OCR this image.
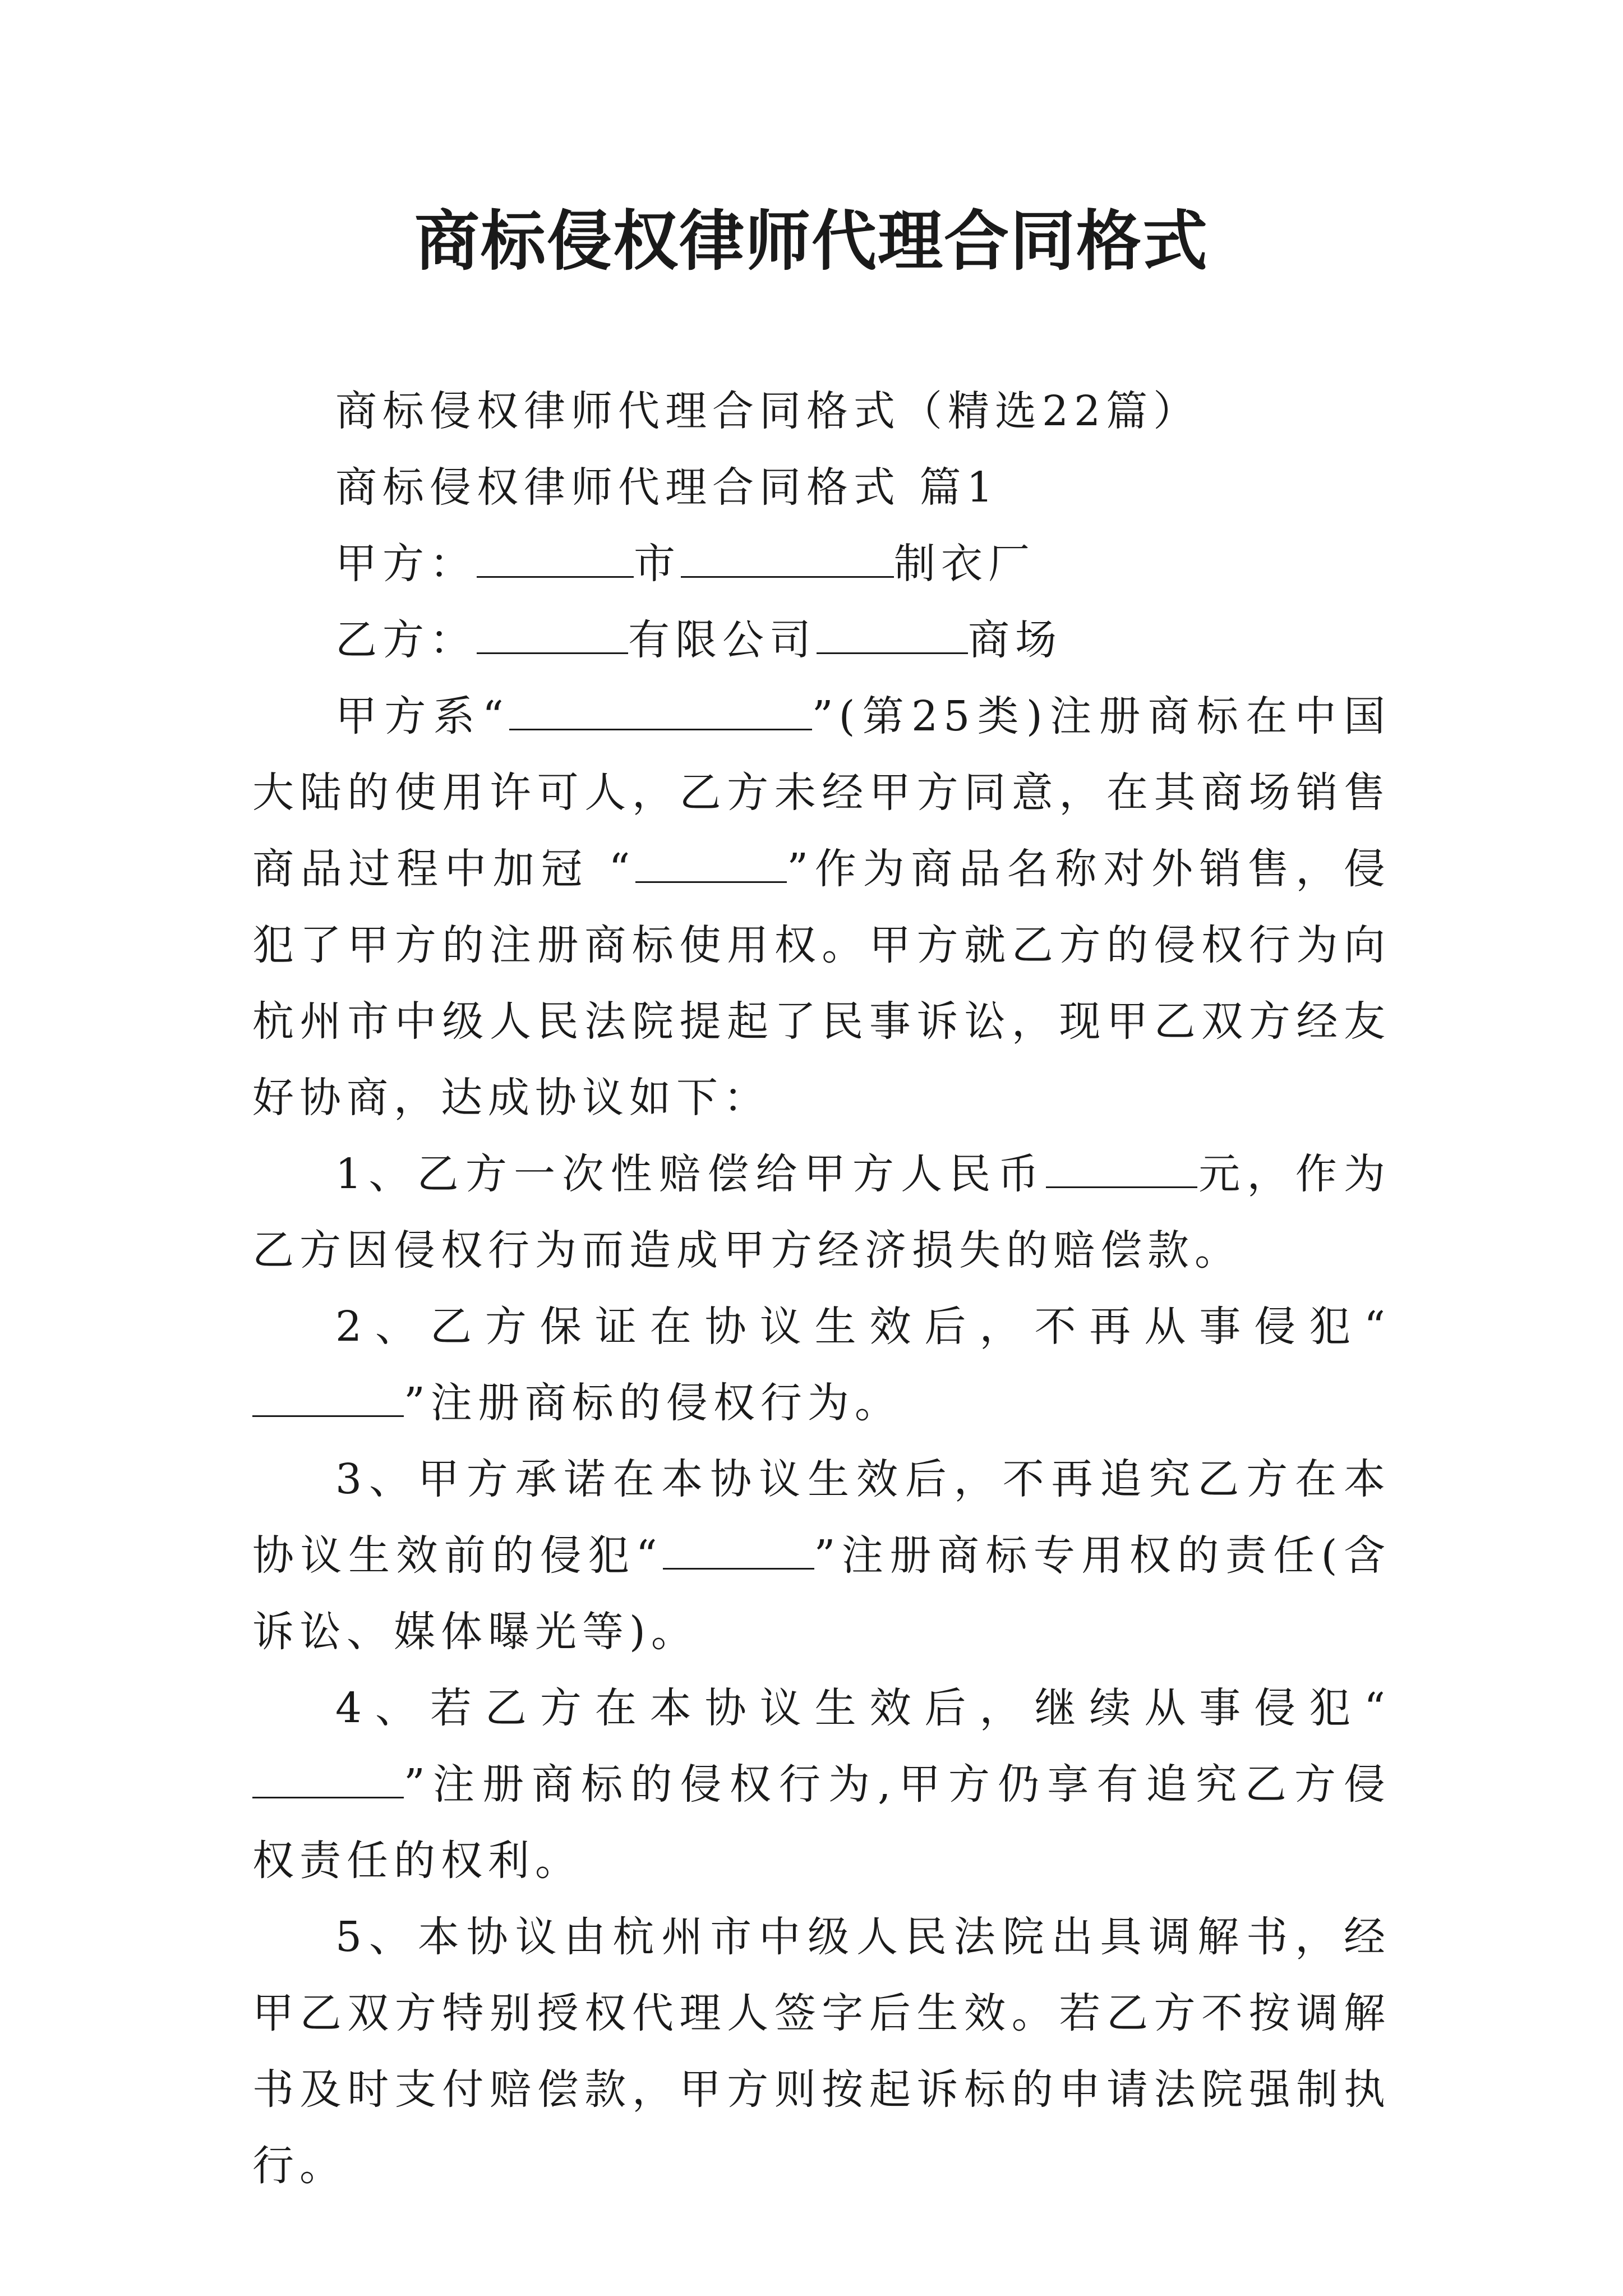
商标侵权律师代理合同格式

商标侵权律师代理合同格式（精选22篇）

商标侵权律师代理合同格式 篇1

甲方：	市	制衣厂

乙方：	有限公司	商场

甲方系“	”(第25类)注册商标在中国大陆的使用许可人，乙方未经甲方同意，在其商场销售商品过程中加冠 “	”作为商品名称对外销售，侵犯了甲方的注册商标使用权。甲方就乙方的侵权行为向杭州市中级人民法院提起了民事诉讼，现甲乙双方经友好协商，达成协议如下：

1、乙方一次性赔偿给甲方人民币	元，作为乙方因侵权行为而造成甲方经济损失的赔偿款。

2、乙方保证在协议生效后，不再从事侵犯“”注册商标的侵权行为。

3、甲方承诺在本协议生效后，不再追究乙方在本协议生效前的侵犯“	”注册商标专用权的责任(含诉讼、媒体曝光等)。

4、若乙方在本协议生效后，继续从事侵犯“”注册商标的侵权行为,甲方仍享有追究乙方侵权责任的权利。

5、本协议由杭州市中级人民法院出具调解书，经甲乙双方特别授权代理人签字后生效。若乙方不按调解书及时支付赔偿款，甲方则按起诉标的申请法院强制执行。
